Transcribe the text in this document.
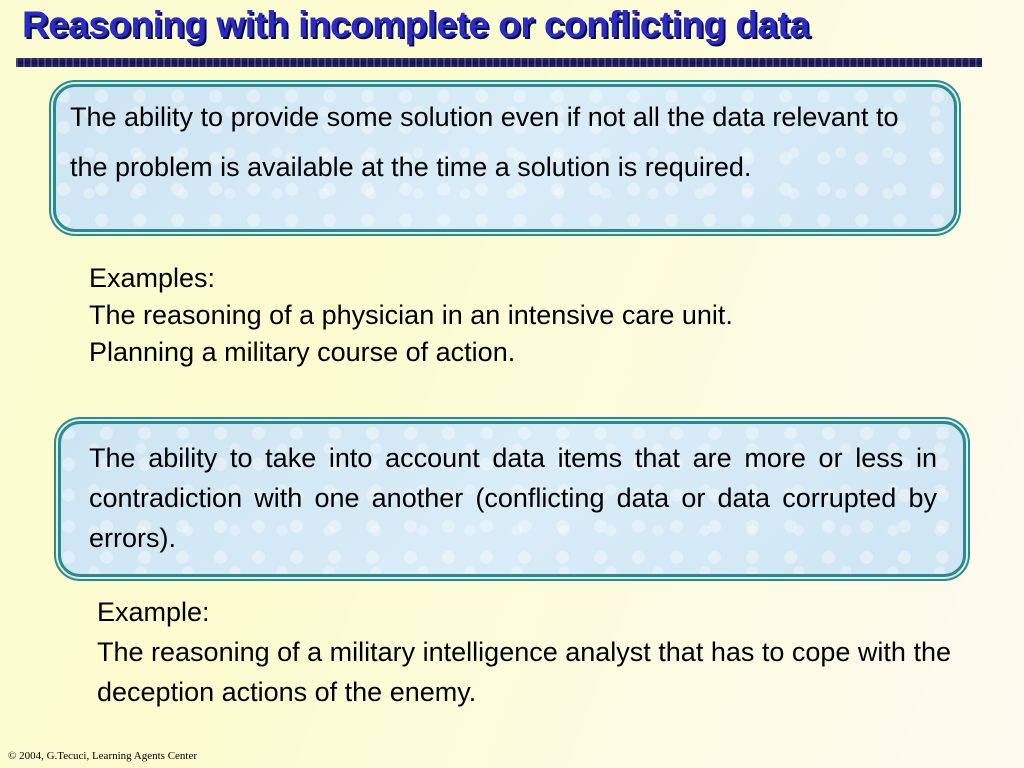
Reasoning with incomplete or conflicting data

The ability to provide some solution even if not all the data relevant to the problem is available at the time a solution is required.

Examples:
The reasoning of a physician in an intensive care unit.
Planning a military course of action.

The ability to take into account data items that are more or less in contradiction with one another (conflicting data or data corrupted by errors).

Example:

The reasoning of a military intelligence analyst that has to cope with the deception actions of the enemy.

© 2004, G.Tecuci, Learning Agents Center
